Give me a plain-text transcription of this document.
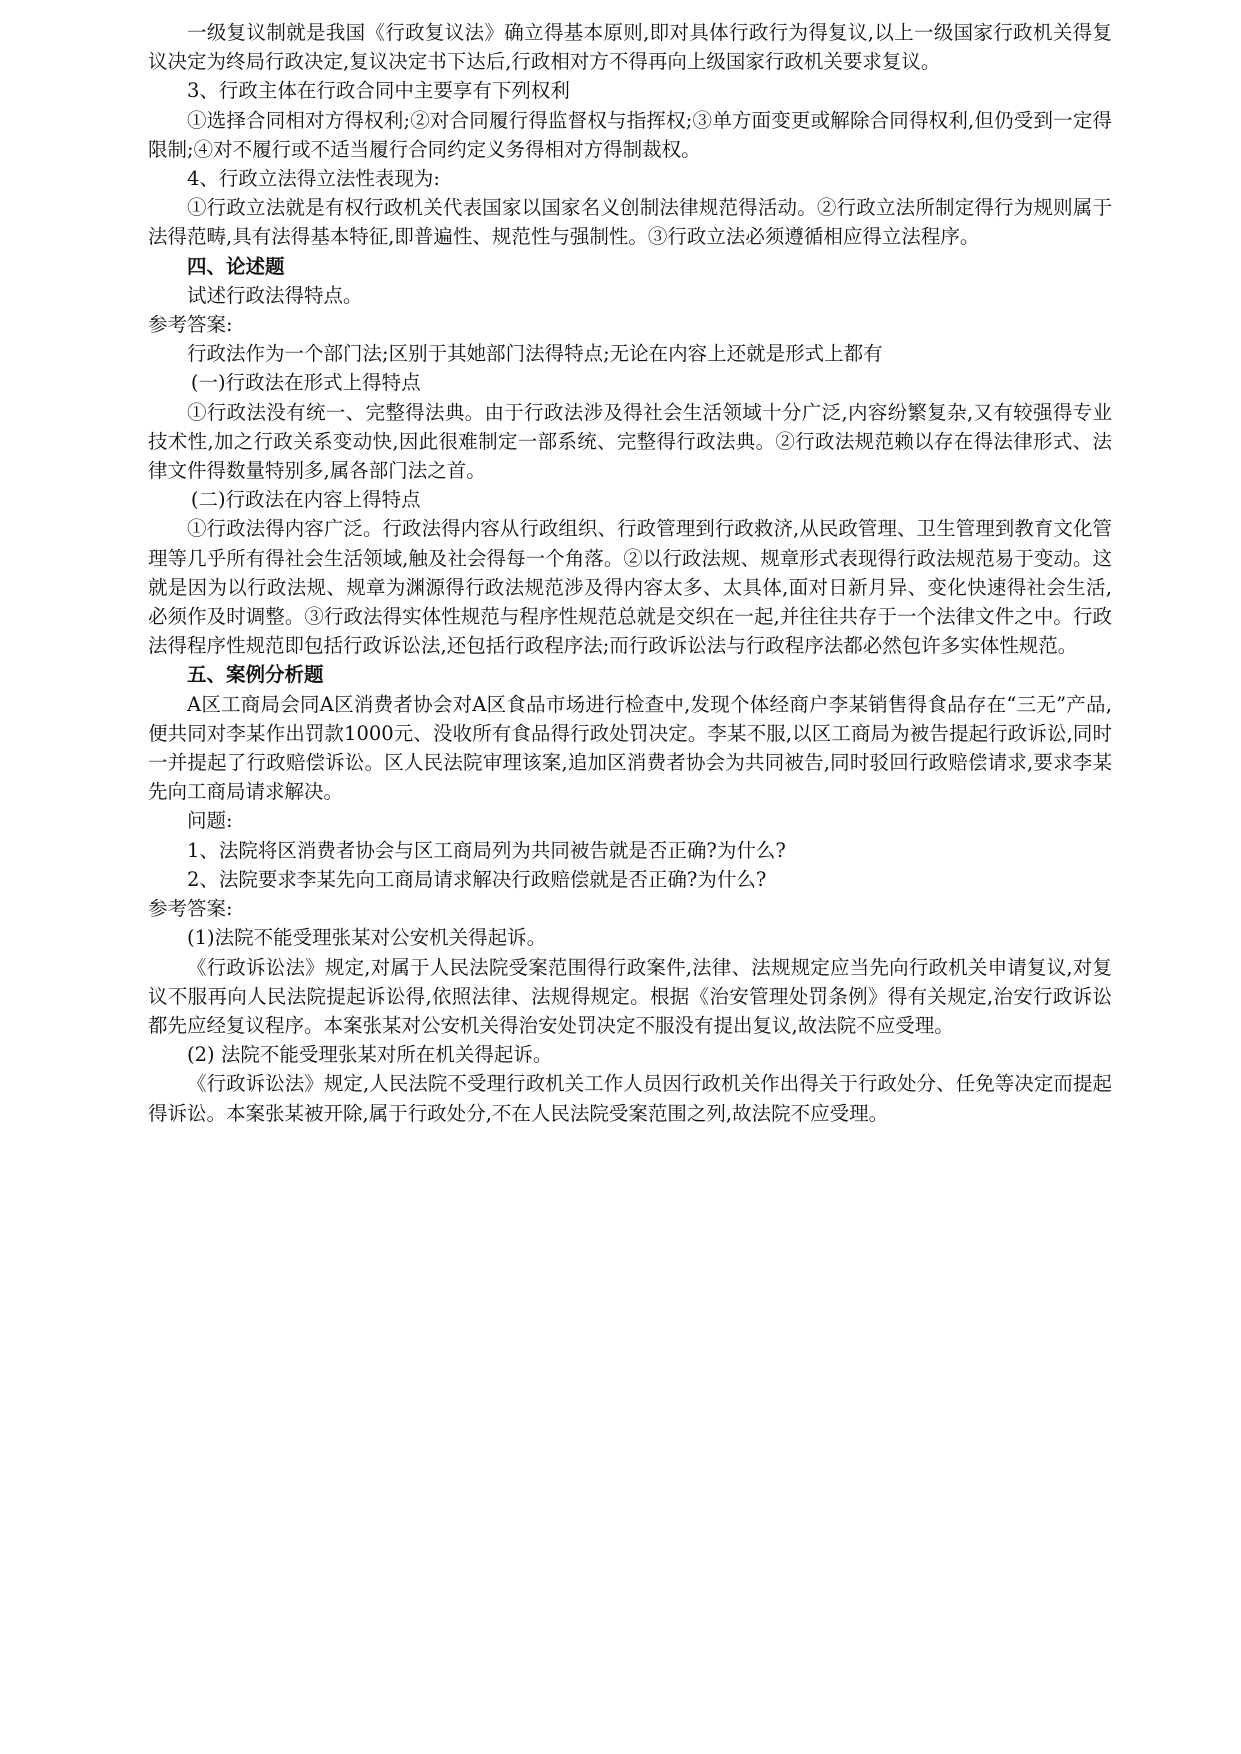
一级复议制就是我国《行政复议法》确立得基本原则,即对具体行政行为得复议,以上一级国家行政机关得复议决定为终局行政决定,复议决定书下达后,行政相对方不得再向上级国家行政机关要求复议。

3、行政主体在行政合同中主要享有下列权利

①选择合同相对方得权利;②对合同履行得监督权与指挥权;③单方面变更或解除合同得权利,但仍受到一定得限制;④对不履行或不适当履行合同约定义务得相对方得制裁权。

4、行政立法得立法性表现为:

①行政立法就是有权行政机关代表国家以国家名义创制法律规范得活动。②行政立法所制定得行为规则属于法得范畴,具有法得基本特征,即普遍性、规范性与强制性。③行政立法必须遵循相应得立法程序。

四、论述题

试述行政法得特点。

参考答案:

行政法作为一个部门法;区别于其她部门法得特点;无论在内容上还就是形式上都有

(一)行政法在形式上得特点

①行政法没有统一、完整得法典。由于行政法涉及得社会生活领域十分广泛,内容纷繁复杂,又有较强得专业技术性,加之行政关系变动快,因此很难制定一部系统、完整得行政法典。②行政法规范赖以存在得法律形式、法律文件得数量特别多,属各部门法之首。

(二)行政法在内容上得特点

①行政法得内容广泛。行政法得内容从行政组织、行政管理到行政救济,从民政管理、卫生管理到教育文化管理等几乎所有得社会生活领域,触及社会得每一个角落。②以行政法规、规章形式表现得行政法规范易于变动。这就是因为以行政法规、规章为渊源得行政法规范涉及得内容太多、太具体,面对日新月异、变化快速得社会生活,必须作及时调整。③行政法得实体性规范与程序性规范总就是交织在一起,并往往共存于一个法律文件之中。行政法得程序性规范即包括行政诉讼法,还包括行政程序法;而行政诉讼法与行政程序法都必然包许多实体性规范。

五、案例分析题

A区工商局会同A区消费者协会对A区食品市场进行检查中,发现个体经商户李某销售得食品存在“三无”产品,便共同对李某作出罚款1000元、没收所有食品得行政处罚决定。李某不服,以区工商局为被告提起行政诉讼,同时一并提起了行政赔偿诉讼。区人民法院审理该案,追加区消费者协会为共同被告,同时驳回行政赔偿请求,要求李某先向工商局请求解决。

问题:

1、法院将区消费者协会与区工商局列为共同被告就是否正确?为什么?

2、法院要求李某先向工商局请求解决行政赔偿就是否正确?为什么?

参考答案:

(1)法院不能受理张某对公安机关得起诉。

《行政诉讼法》规定,对属于人民法院受案范围得行政案件,法律、法规规定应当先向行政机关申请复议,对复议不服再向人民法院提起诉讼得,依照法律、法规得规定。根据《治安管理处罚条例》得有关规定,治安行政诉讼都先应经复议程序。本案张某对公安机关得治安处罚决定不服没有提出复议,故法院不应受理。

(2) 法院不能受理张某对所在机关得起诉。

《行政诉讼法》规定,人民法院不受理行政机关工作人员因行政机关作出得关于行政处分、任免等决定而提起得诉讼。本案张某被开除,属于行政处分,不在人民法院受案范围之列,故法院不应受理。
